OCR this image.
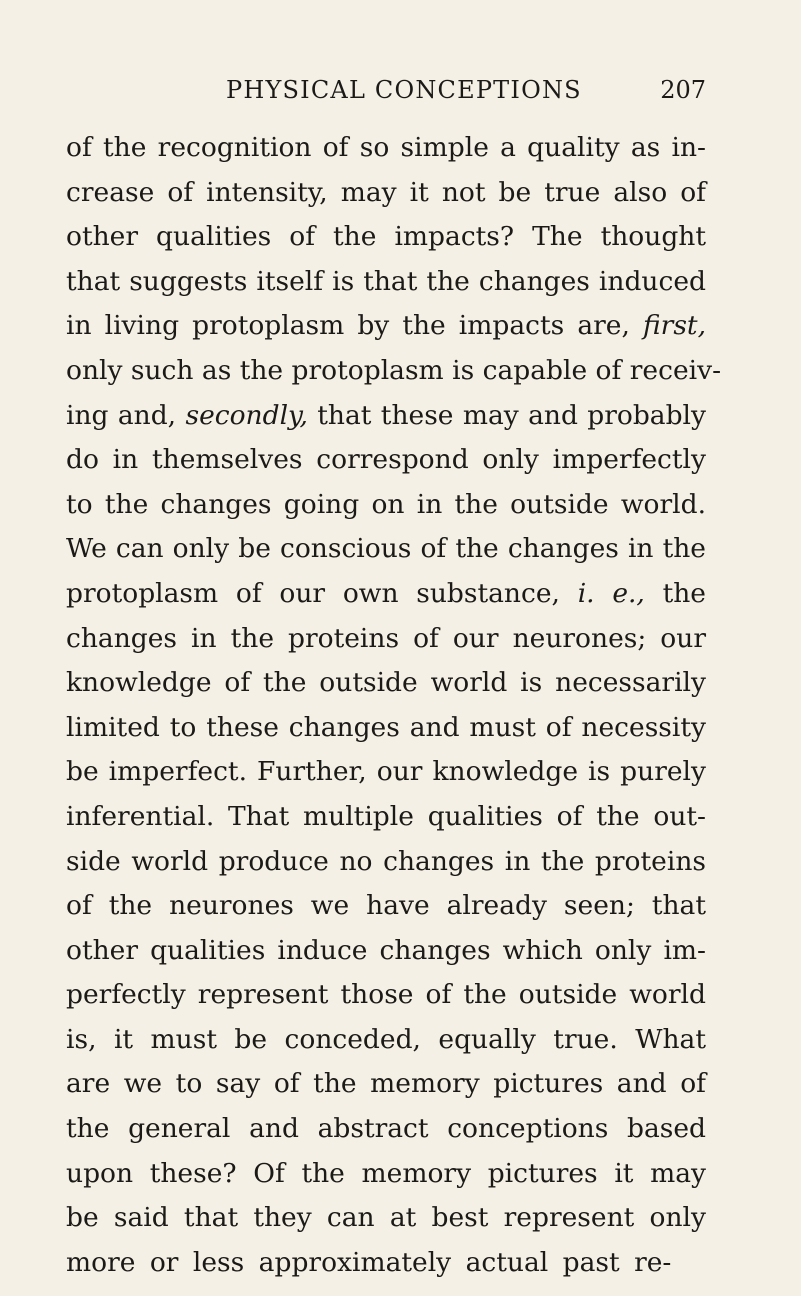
PHYSICAL CONCEPTIONS	207
of the recognition of so simple a quality as in-
crease of intensity, may it not be true also of
other qualities of the impacts? The thought
that suggests itself is that the changes induced
in living protoplasm by the impacts are, first,
only such as the protoplasm is capable of receiv-
ing and, secondly, that these may and probably
do in themselves correspond only imperfectly
to the changes going on in the outside world.
We can only be conscious of the changes in the
protoplasm of our own substance, i. e., the
changes in the proteins of our neurones; our
knowledge of the outside world is necessarily
limited to these changes and must of necessity
be imperfect. Further, our knowledge is purely
inferential. That multiple qualities of the out-
side world produce no changes in the proteins
of the neurones we have already seen; that
other qualities induce changes which only im-
perfectly represent those of the outside world
is, it must be conceded, equally true. What
are we to say of the memory pictures and of
the general and abstract conceptions based
upon these? Of the memory pictures it may
be said that they can at best represent only
more or less approximately actual past re-
